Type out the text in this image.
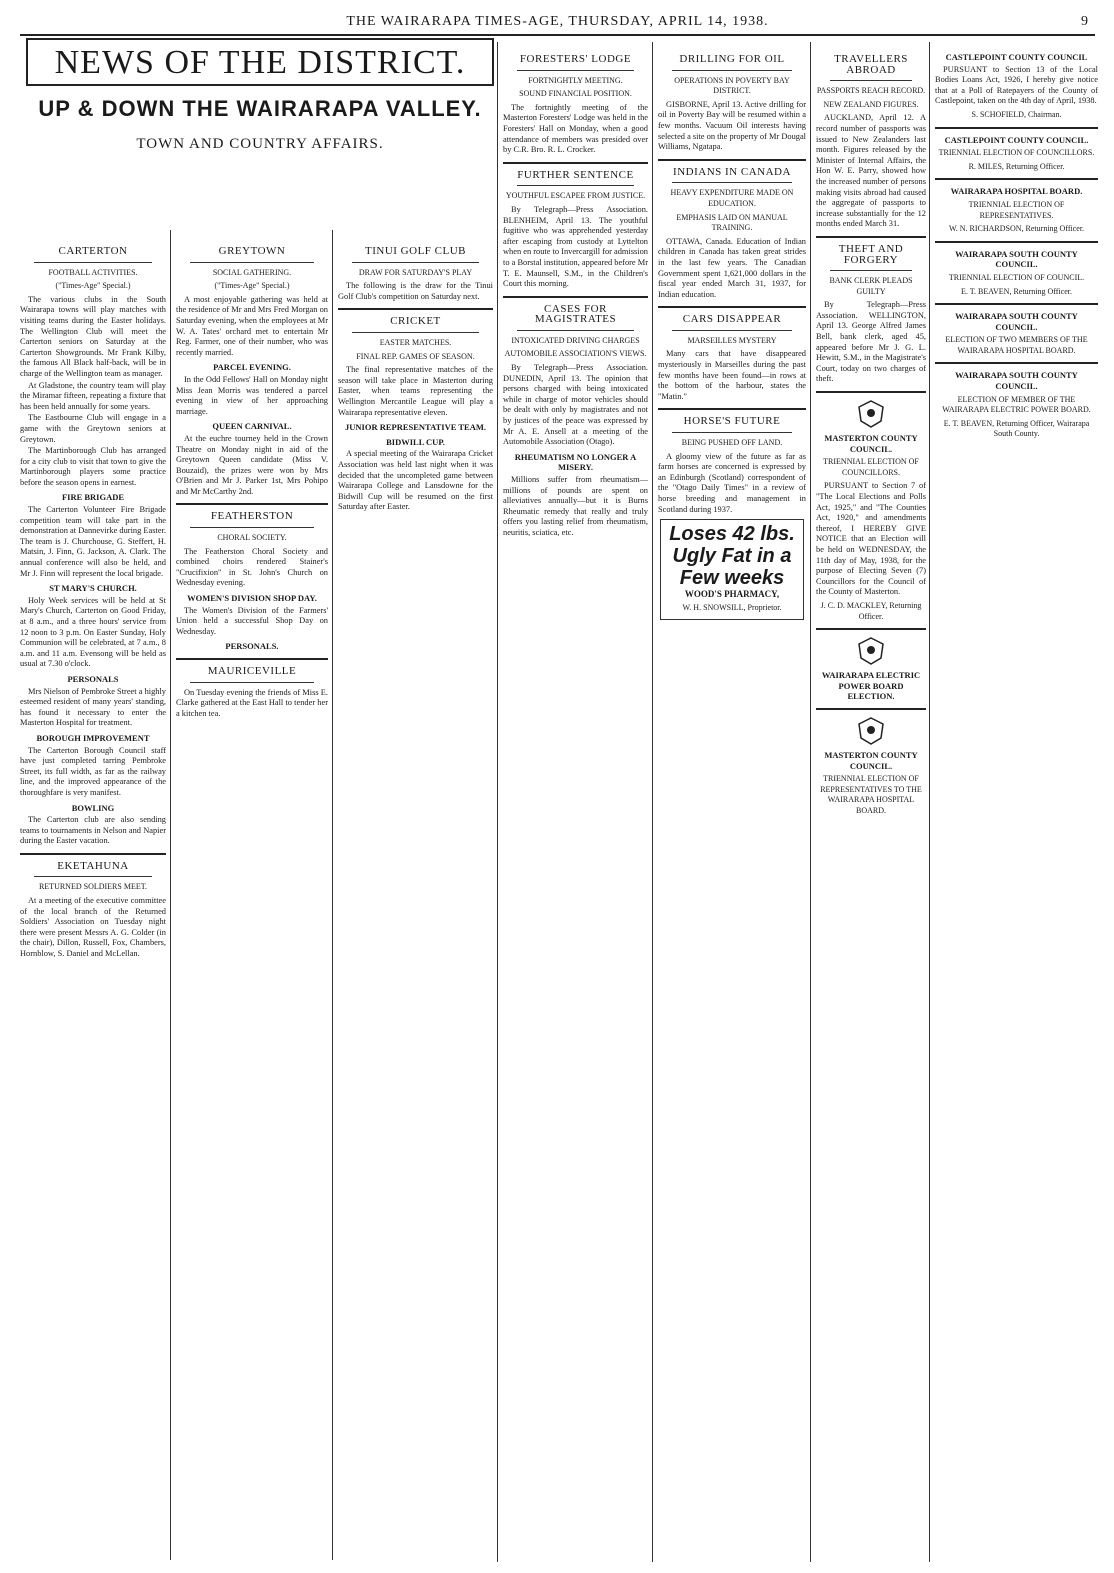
THE WAIRARAPA TIMES-AGE, THURSDAY, APRIL 14, 1938.	9
NEWS OF THE DISTRICT.
UP & DOWN THE WAIRARAPA VALLEY.
TOWN AND COUNTRY AFFAIRS.
CARTERTON
FOOTBALL ACTIVITIES.
("Times-Age" Special.)

The various clubs in the South Wairarapa towns will play matches with visiting teams during the Easter holidays. The Wellington Club will meet the Carterton seniors on Saturday at the Carterton Showgrounds. Mr Frank Kilby, the famous All Black half-back, will be in charge of the Wellington team as manager.

At Gladstone, the country team will play the Miramar fifteen, repeating a fixture that has been held annually for some years.

The Eastbourne Club will engage in a game with the Greytown seniors at Greytown.

The Martinborough Club has arranged for a city club to visit that town to give the Martinborough players some practice before the season opens in earnest.

FIRE BRIGADE

The Carterton Volunteer Fire Brigade competition team will take part in the demonstration at Dannevirke during Easter. The team is J. Churchouse, G. Steffert, H. Matsin, J. Finn, G. Jackson, A. Clark. The annual conference will also be held, and Mr J. Finn will represent the local brigade.

ST MARY'S CHURCH.

Holy Week services will be held at St Mary's Church, Carterton on Good Friday, at 8 a.m., and a three hours' service from 12 noon to 3 p.m. On Easter Sunday, Holy Communion will be celebrated, at 7 a.m., 8 a.m. and 11 a.m. Evensong will be held as usual at 7.30 o'clock.

PERSONALS

Mrs Nielson of Pembroke Street a highly esteemed resident of many years' standing, has found it necessary to enter the Masterton Hospital for treatment.

BOROUGH IMPROVEMENT

The Carterton Borough Council staff have just completed tarring Pembroke Street, its full width, as far as the railway line, and the improved appearance of the thoroughfare is very manifest.

BOWLING

The Carterton club are also sending teams to tournaments in Nelson and Napier during the Easter vacation.

EKETAHUNA
RETURNED SOLDIERS MEET.

At a meeting of the executive committee of the local branch of the Returned Soldiers' Association on Tuesday night there were present Messrs A. G. Colder (in the chair), Dillon, Russell, Fox, Chambers, Hornblow, S. Daniel and McLellan.

GREYTOWN
SOCIAL GATHERING.
("Times-Age" Special.)

A most enjoyable gathering was held at the residence of Mr and Mrs Fred Morgan on Saturday evening, when the employees at Mr W. A. Tates' orchard met to entertain Mr Reg. Farmer, one of their number, who was recently married.

PARCEL EVENING.

In the Odd Fellows' Hall on Monday night Miss Jean Morris was tendered a parcel evening in view of her approaching marriage.

QUEEN CARNIVAL.

At the euchre tourney held in the Crown Theatre on Monday night in aid of the Greytown Queen candidate (Miss V. Bouzaid), the prizes were won by Mrs O'Brien and Mr J. Parker 1st, Mrs Pohipo and Mr McCarthy 2nd.

FEATHERSTON
CHORAL SOCIETY.

The Featherston Choral Society and combined choirs rendered Stainer's "Crucifixion" in St. John's Church on Wednesday evening.

WOMEN'S DIVISION SHOP DAY.

The Women's Division of the Farmers' Union held a successful Shop Day on Wednesday.

PERSONALS.
MAURICEVILLE

On Tuesday evening the friends of Miss E. Clarke gathered at the East Hall to tender her a kitchen tea.

TINUI GOLF CLUB
DRAW FOR SATURDAY'S PLAY

The following is the draw for the Tinui Golf Club's competition on Saturday next.

CRICKET
EASTER MATCHES.
FINAL REP. GAMES OF SEASON.

The final representative matches of the season will take place in Masterton during Easter, when teams representing the Wellington Mercantile League will play a Wairarapa representative eleven.

JUNIOR REPRESENTATIVE TEAM.
BIDWILL CUP.

A special meeting of the Wairarapa Cricket Association was held last night when it was decided that the uncompleted game between Wairarapa College and Lansdowne for the Bidwill Cup will be resumed on the first Saturday after Easter.

FORESTERS' LODGE
FORTNIGHTLY MEETING.
SOUND FINANCIAL POSITION.

The fortnightly meeting of the Masterton Foresters' Lodge was held in the Foresters' Hall on Monday, when a good attendance of members was presided over by C.R. Bro. R. L. Crocker.

FURTHER SENTENCE
YOUTHFUL ESCAPEE FROM JUSTICE.

By Telegraph—Press Association. BLENHEIM, April 13. The youthful fugitive who was apprehended yesterday after escaping from custody at Lyttelton when en route to Invercargill for admission to a Borstal institution, appeared before Mr T. E. Maunsell, S.M., in the Children's Court this morning.

CASES FOR MAGISTRATES
INTOXICATED DRIVING CHARGES
AUTOMOBILE ASSOCIATION'S VIEWS.

By Telegraph—Press Association. DUNEDIN, April 13. The opinion that persons charged with being intoxicated while in charge of motor vehicles should be dealt with only by magistrates and not by justices of the peace was expressed by Mr A. E. Ansell at a meeting of the Automobile Association (Otago).

RHEUMATISM NO LONGER A MISERY.

Millions suffer from rheumatism—millions of pounds are spent on alleviatives annually—but it is Burns Rheumatic remedy that really and truly offers you lasting relief from rheumatism, neuritis, sciatica, etc.

DRILLING FOR OIL
OPERATIONS IN POVERTY BAY DISTRICT.

GISBORNE, April 13. Active drilling for oil in Poverty Bay will be resumed within a few months. Vacuum Oil interests having selected a site on the property of Mr Dougal Williams, Ngatapa.

INDIANS IN CANADA
HEAVY EXPENDITURE MADE ON EDUCATION.
EMPHASIS LAID ON MANUAL TRAINING.

OTTAWA, Canada. Education of Indian children in Canada has taken great strides in the last few years. The Canadian Government spent 1,621,000 dollars in the fiscal year ended March 31, 1937, for Indian education.

CARS DISAPPEAR
MARSEILLES MYSTERY

Many cars that have disappeared mysteriously in Marseilles during the past few months have been found—in rows at the bottom of the harbour, states the "Matin."

HORSE'S FUTURE
BEING PUSHED OFF LAND.

A gloomy view of the future as far as farm horses are concerned is expressed by an Edinburgh (Scotland) correspondent of the "Otago Daily Times" in a review of horse breeding and management in Scotland during 1937.

Loses 42 lbs. Ugly Fat in a Few weeks
WOOD'S PHARMACY,
W. H. SNOWSILL, Proprietor.
TRAVELLERS ABROAD
PASSPORTS REACH RECORD.
NEW ZEALAND FIGURES.

AUCKLAND, April 12. A record number of passports was issued to New Zealanders last month. Figures released by the Minister of Internal Affairs, the Hon W. E. Parry, showed how the increased number of persons making visits abroad had caused the aggregate of passports to increase substantially for the 12 months ended March 31.

THEFT AND FORGERY
BANK CLERK PLEADS GUILTY

By Telegraph—Press Association. WELLINGTON, April 13. George Alfred James Bell, bank clerk, aged 45, appeared before Mr J. G. L. Hewitt, S.M., in the Magistrate's Court, today on two charges of theft.

MASTERTON COUNTY COUNCIL.
TRIENNIAL ELECTION OF COUNCILLORS.

PURSUANT to Section 7 of "The Local Elections and Polls Act, 1925," and "The Counties Act, 1920," and amendments thereof, I HEREBY GIVE NOTICE that an Election will be held on WEDNESDAY, the 11th day of May, 1938, for the purpose of Electing Seven (7) Councillors for the Council of the County of Masterton.

J. C. D. MACKLEY, Returning Officer.
WAIRARAPA ELECTRIC POWER BOARD ELECTION.
MASTERTON COUNTY COUNCIL.
TRIENNIAL ELECTION OF REPRESENTATIVES TO THE WAIRARAPA HOSPITAL BOARD.
CASTLEPOINT COUNTY COUNCIL

PURSUANT to Section 13 of the Local Bodies Loans Act, 1926, I hereby give notice that at a Poll of Ratepayers of the County of Castlepoint, taken on the 4th day of April, 1938.

S. SCHOFIELD, Chairman.
CASTLEPOINT COUNTY COUNCIL.
TRIENNIAL ELECTION OF COUNCILLORS.
R. MILES, Returning Officer.
WAIRARAPA HOSPITAL BOARD.
TRIENNIAL ELECTION OF REPRESENTATIVES.
W. N. RICHARDSON, Returning Officer.
WAIRARAPA SOUTH COUNTY COUNCIL.
TRIENNIAL ELECTION OF COUNCIL.
E. T. BEAVEN, Returning Officer.
WAIRARAPA SOUTH COUNTY COUNCIL.
ELECTION OF TWO MEMBERS OF THE WAIRARAPA HOSPITAL BOARD.
WAIRARAPA SOUTH COUNTY COUNCIL.
ELECTION OF MEMBER OF THE WAIRARAPA ELECTRIC POWER BOARD.
E. T. BEAVEN, Returning Officer, Wairarapa South County.
